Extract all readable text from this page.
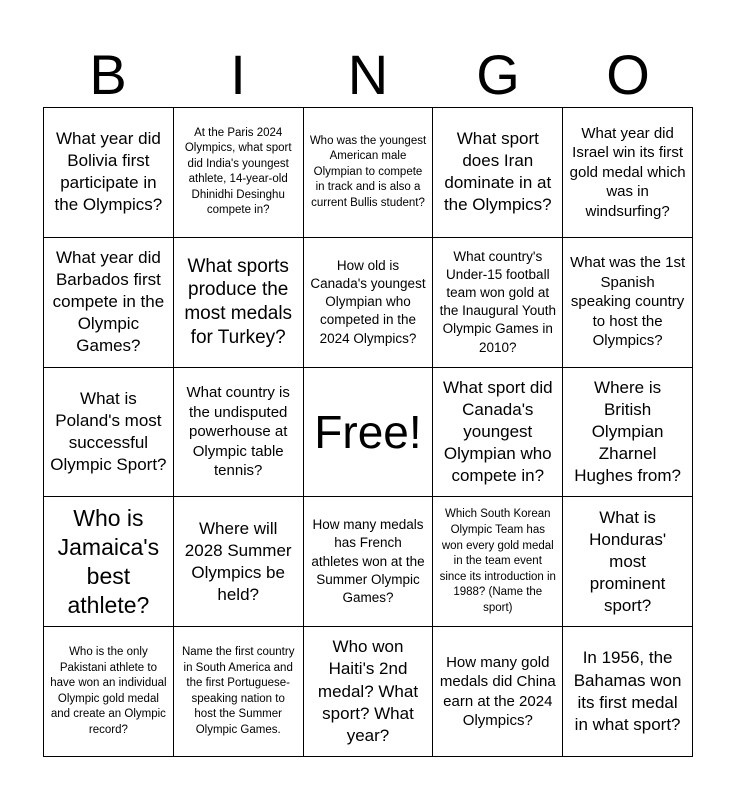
B	I	N	G	O
What year did Bolivia first participate in the Olympics?
At the Paris 2024 Olympics, what sport did India's youngest athlete, 14-year-old Dhinidhi Desinghu compete in?
Who was the youngest American male Olympian to compete in track and is also a current Bullis student?
What sport does Iran dominate in at the Olympics?
What year did Israel win its first gold medal which was in windsurfing?
What year did Barbados first compete in the Olympic Games?
What sports produce the most medals for Turkey?
How old is Canada's youngest Olympian who competed in the 2024 Olympics?
What country's Under-15 football team won gold at the Inaugural Youth Olympic Games in 2010?
What was the 1st Spanish speaking country to host the Olympics?
What is Poland's most successful Olympic Sport?
What country is the undisputed powerhouse at Olympic table tennis?
Free!
What sport did Canada's youngest Olympian who compete in?
Where is British Olympian Zharnel Hughes from?
Who is Jamaica's best athlete?
Where will 2028 Summer Olympics be held?
How many medals has French athletes won at the Summer Olympic Games?
Which South Korean Olympic Team has won every gold medal in the team event since its introduction in 1988? (Name the sport)
What is Honduras' most prominent sport?
Who is the only Pakistani athlete to have won an individual Olympic gold medal and create an Olympic record?
Name the first country in South America and the first Portuguese-speaking nation to host the Summer Olympic Games.
Who won Haiti's 2nd medal? What sport? What year?
How many gold medals did China earn at the 2024 Olympics?
In 1956, the Bahamas won its first medal in what sport?
